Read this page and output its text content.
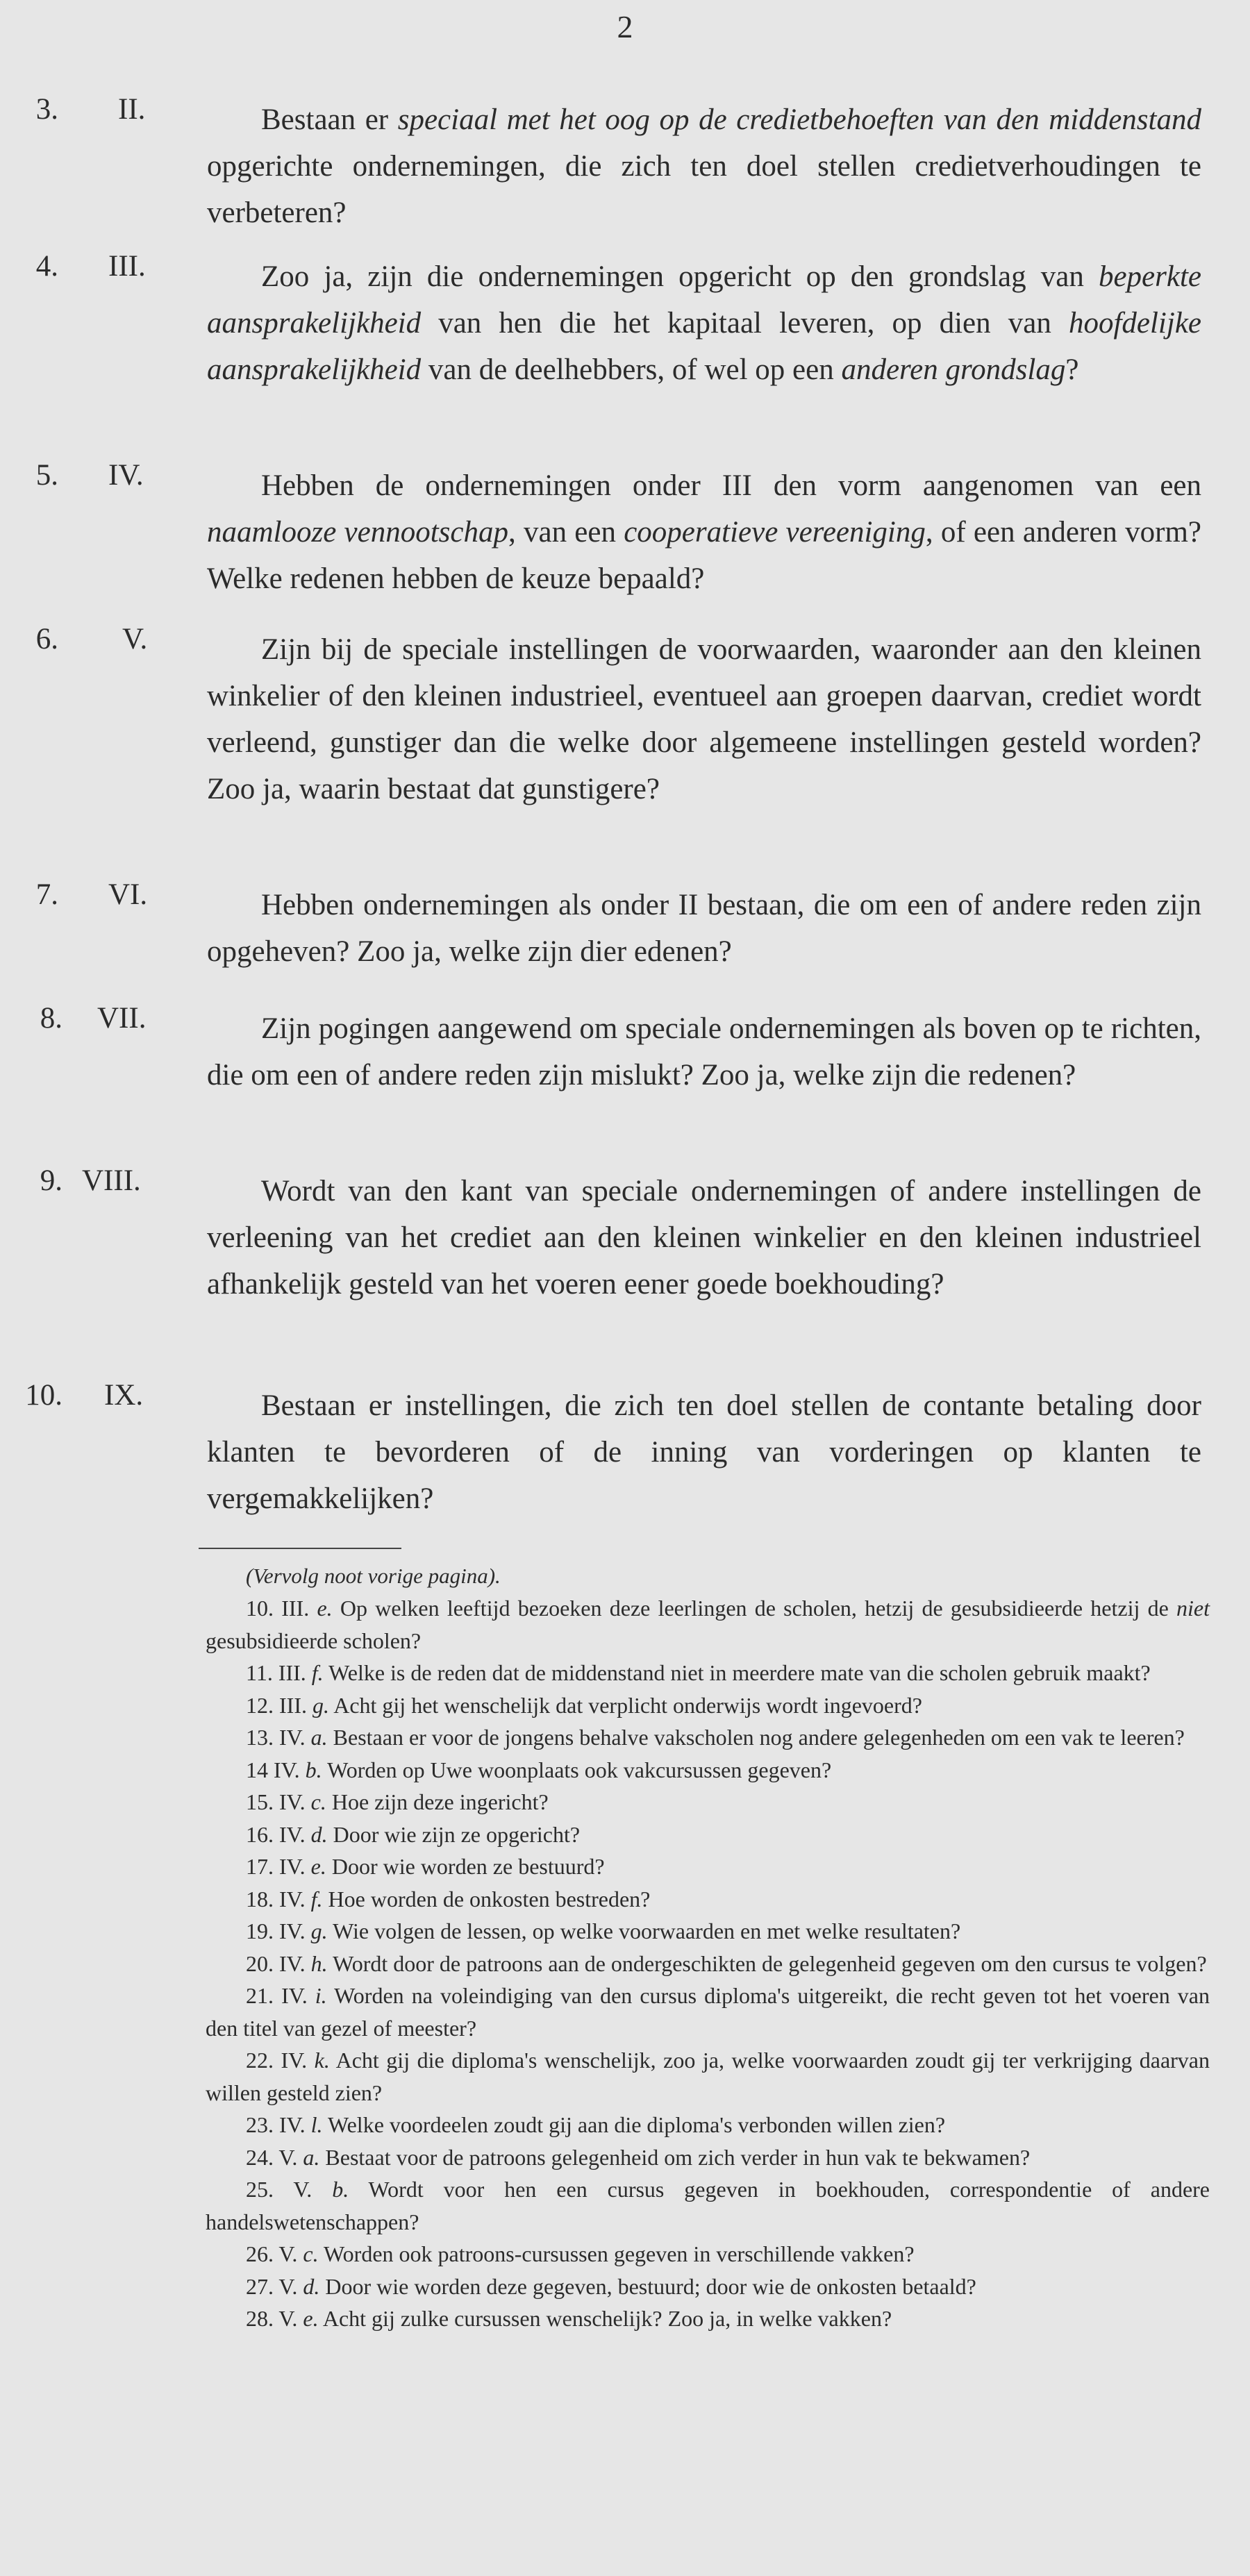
2
3. II.	Bestaan er speciaal met het oog op de credietbehoeften van den middenstand opgerichte ondernemingen, die zich ten doel stellen credietverhoudingen te verbeteren?
4. III.	Zoo ja, zijn die ondernemingen opgericht op den grondslag van beperkte aansprakelijkheid van hen die het kapitaal leveren, op dien van hoofdelijke aansprakelijkheid van de deelhebbers, of wel op een anderen grondslag?
5. IV.	Hebben de ondernemingen onder III den vorm aangenomen van een naamlooze vennootschap, van een cooperatieve vereeniging, of een anderen vorm? Welke redenen hebben de keuze bepaald?
6. V.	Zijn bij de speciale instellingen de voorwaarden, waaronder aan den kleinen winkelier of den kleinen industrieel, eventueel aan groepen daarvan, crediet wordt verleend, gunstiger dan die welke door algemeene instellingen gesteld worden? Zoo ja, waarin bestaat dat gunstigere?
7. VI.	Hebben ondernemingen als onder II bestaan, die om een of andere reden zijn opgeheven? Zoo ja, welke zijn dier edenen?
8. VII.	Zijn pogingen aangewend om speciale ondernemingen als boven op te richten, die om een of andere reden zijn mislukt? Zoo ja, welke zijn die redenen?
9. VIII.	Wordt van den kant van speciale ondernemingen of andere instellingen de verleening van het crediet aan den kleinen winkelier en den kleinen industrieel afhankelijk gesteld van het voeren eener goede boekhouding?
10. IX.	Bestaan er instellingen, die zich ten doel stellen de contante betaling door klanten te bevorderen of de inning van vorderingen op klanten te vergemakkelijken?
(Vervolg noot vorige pagina).

10. III. e. Op welken leeftijd bezoeken deze leerlingen de scholen, hetzij de gesubsidieerde hetzij de niet gesubsidieerde scholen?

11. III. f. Welke is de reden dat de middenstand niet in meerdere mate van die scholen gebruik maakt?

12. III. g. Acht gij het wenschelijk dat verplicht onderwijs wordt ingevoerd?

13. IV. a. Bestaan er voor de jongens behalve vakscholen nog andere gelegenheden om een vak te leeren?

14 IV. b. Worden op Uwe woonplaats ook vakcursussen gegeven?

15. IV. c. Hoe zijn deze ingericht?

16. IV. d. Door wie zijn ze opgericht?

17. IV. e. Door wie worden ze bestuurd?

18. IV. f. Hoe worden de onkosten bestreden?

19. IV. g. Wie volgen de lessen, op welke voorwaarden en met welke resultaten?

20. IV. h. Wordt door de patroons aan de ondergeschikten de gelegenheid gegeven om den cursus te volgen?

21. IV. i. Worden na voleindiging van den cursus diploma's uitgereikt, die recht geven tot het voeren van den titel van gezel of meester?

22. IV. k. Acht gij die diploma's wenschelijk, zoo ja, welke voorwaarden zoudt gij ter verkrijging daarvan willen gesteld zien?

23. IV. l. Welke voordeelen zoudt gij aan die diploma's verbonden willen zien?

24. V. a. Bestaat voor de patroons gelegenheid om zich verder in hun vak te bekwamen?

25. V. b. Wordt voor hen een cursus gegeven in boekhouden, correspondentie of andere handelswetenschappen?

26. V. c. Worden ook patroons-cursussen gegeven in verschillende vakken?

27. V. d. Door wie worden deze gegeven, bestuurd; door wie de onkosten betaald?

28. V. e. Acht gij zulke cursussen wenschelijk? Zoo ja, in welke vakken?
